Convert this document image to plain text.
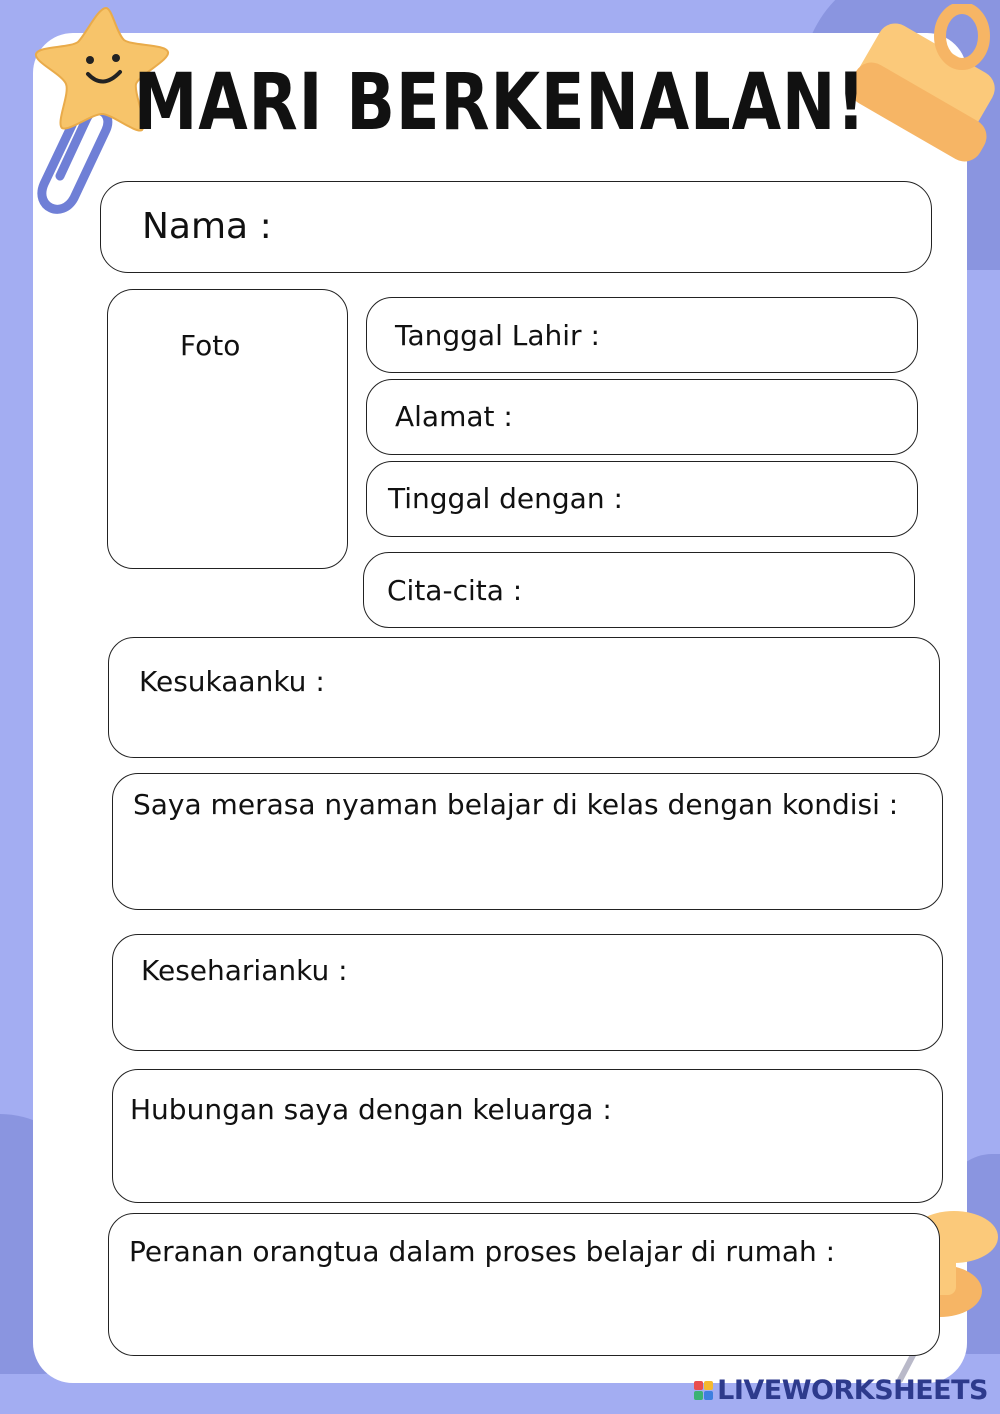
MARI BERKENALAN!
Nama :
Foto	Tanggal Lahir :
Alamat :
Tinggal dengan :
Cita-cita :
Kesukaanku :
Saya merasa nyaman belajar di kelas dengan kondisi :
Keseharianku :
Hubungan saya dengan keluarga :
Peranan orangtua dalam proses belajar di rumah :
LIVEWORKSHEETS
